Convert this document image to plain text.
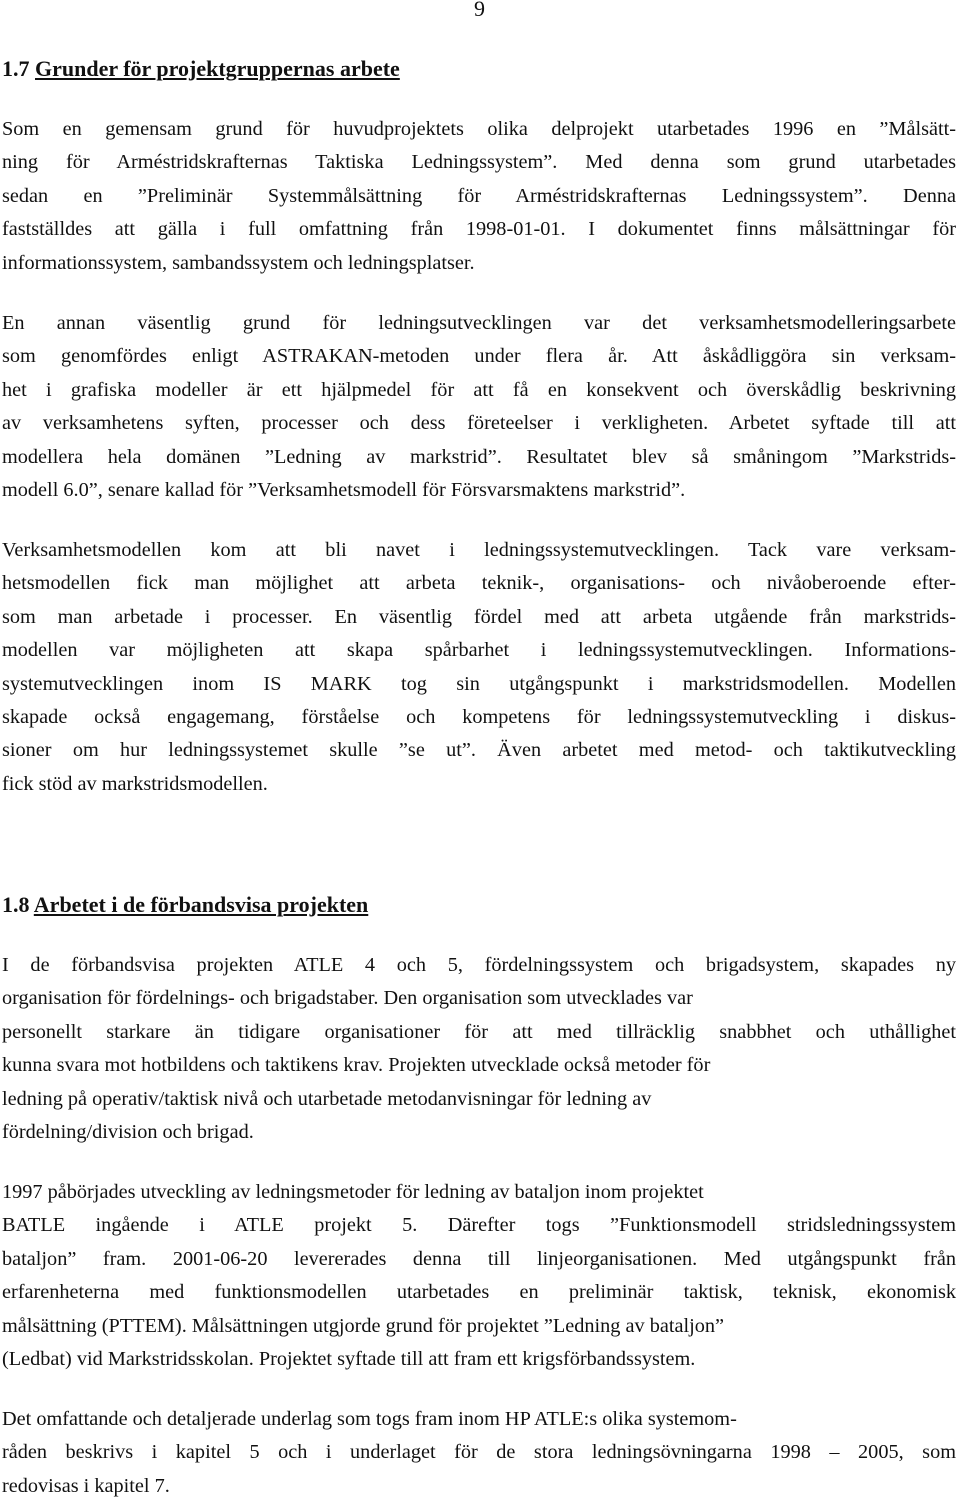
9
1.7 Grunder för projektgruppernas arbete
Som en gemensam grund för huvudprojektets olika delprojekt utarbetades 1996 en ”Målsätt-
ning för Arméstridskrafternas Taktiska Ledningssystem”. Med denna som grund utarbetades
sedan en ”Preliminär Systemmålsättning för Arméstridskrafternas Ledningssystem”. Denna
fastställdes att gälla i full omfattning från 1998-01-01. I dokumentet finns målsättningar för
informationssystem, sambandssystem och ledningsplatser.
En annan väsentlig grund för ledningsutvecklingen var det verksamhetsmodelleringsarbete
som genomfördes enligt ASTRAKAN-metoden under flera år. Att åskådliggöra sin verksam-
het i grafiska modeller är ett hjälpmedel för att få en konsekvent och överskådlig beskrivning
av verksamhetens syften, processer och dess företeelser i verkligheten. Arbetet syftade till att
modellera hela domänen ”Ledning av markstrid”. Resultatet blev så småningom ”Markstrids-
modell 6.0”, senare kallad för ”Verksamhetsmodell för Försvarsmaktens markstrid”.
Verksamhetsmodellen kom att bli navet i ledningssystemutvecklingen. Tack vare verksam-
hetsmodellen fick man möjlighet att arbeta teknik-, organisations- och nivåoberoende efter-
som man arbetade i processer. En väsentlig fördel med att arbeta utgående från markstrids-
modellen var möjligheten att skapa spårbarhet i ledningssystemutvecklingen. Informations-
systemutvecklingen inom IS MARK tog sin utgångspunkt i markstridsmodellen. Modellen
skapade också engagemang, förståelse och kompetens för ledningssystemutveckling i diskus-
sioner om hur ledningssystemet skulle ”se ut”. Även arbetet med metod- och taktikutveckling
fick stöd av markstridsmodellen.
1.8 Arbetet i de förbandsvisa projekten
I de förbandsvisa projekten ATLE 4 och 5, fördelningssystem och brigadsystem, skapades ny
organisation för fördelnings- och brigadstaber. Den organisation som utvecklades var
personellt starkare än tidigare organisationer för att med tillräcklig snabbhet och uthållighet
kunna svara mot hotbildens och taktikens krav. Projekten utvecklade också metoder för
ledning på operativ/taktisk nivå och utarbetade metodanvisningar för ledning av
fördelning/division och brigad.
1997 påbörjades utveckling av ledningsmetoder för ledning av bataljon inom projektet
BATLE ingående i ATLE projekt 5. Därefter togs ”Funktionsmodell stridsledningssystem
bataljon” fram. 2001-06-20 levererades denna till linjeorganisationen. Med utgångspunkt från
erfarenheterna med funktionsmodellen utarbetades en preliminär taktisk, teknisk, ekonomisk
målsättning (PTTEM). Målsättningen utgjorde grund för projektet ”Ledning av bataljon”
(Ledbat) vid Markstridsskolan. Projektet syftade till att fram ett krigsförbandssystem.
Det omfattande och detaljerade underlag som togs fram inom HP ATLE:s olika systemom-
råden beskrivs i kapitel 5 och i underlaget för de stora ledningsövningarna 1998 – 2005, som
redovisas i kapitel 7.
